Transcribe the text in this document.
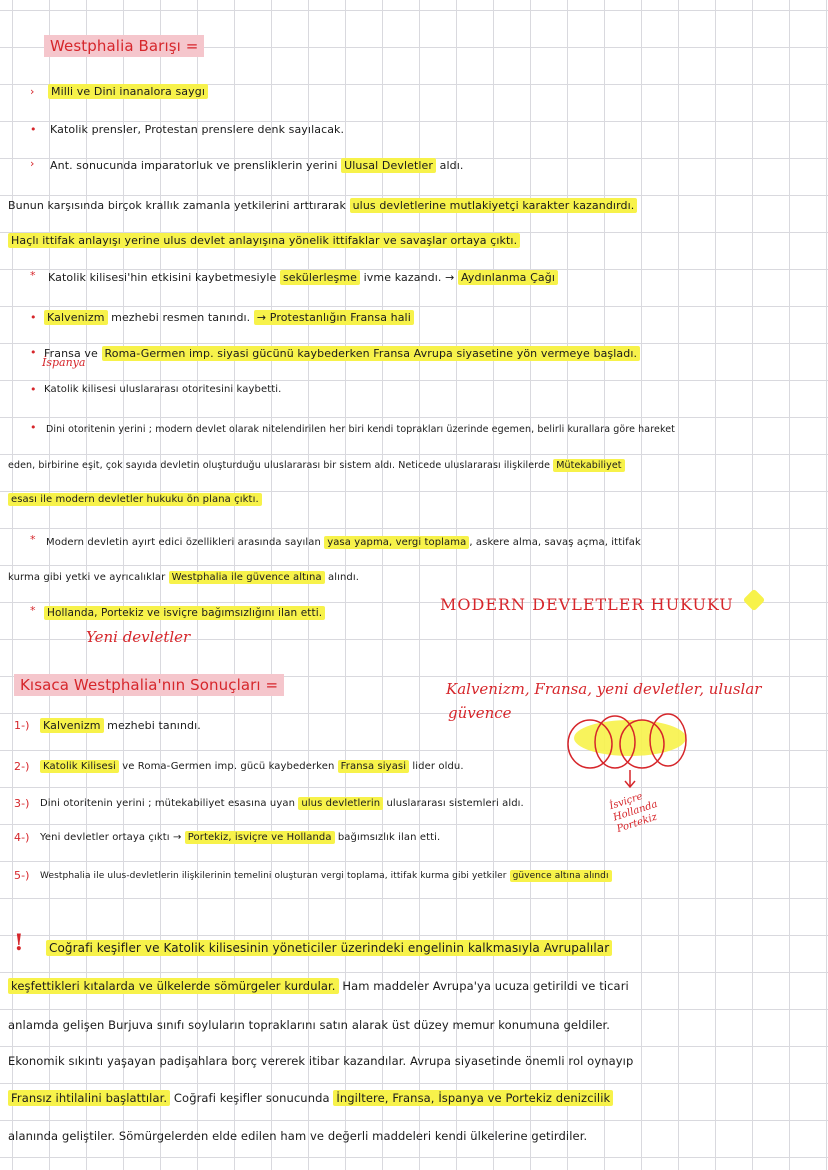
Westphalia Barışı =
› Milli ve Dini inanalora saygı
• Katolik prensler, Protestan prenslere denk sayılacak.
› Ant. sonucunda imparatorluk ve prensliklerin yerini Ulusal Devletler aldı.
Bunun karşısında birçok krallık zamanla yetkilerini arttırarak ulus devletlerine mutlakiyetçi karakter kazandırdı.
Haçlı ittifak anlayışı yerine ulus devlet anlayışına yönelik ittifaklar ve savaşlar ortaya çıktı.
* Katolik kilisesi'hin etkisini kaybetmesiyle sekülerleşme ivme kazandı. → Aydınlanma Çağı
• Kalvenizm mezhebi resmen tanındı. → Protestanlığın Fransa hali
• Fransa ve Roma-Germen imp. siyasi gücünü kaybederken Fransa Avrupa siyasetine yön vermeye başladı.
İspanya
• Katolik kilisesi uluslararası otoritesini kaybetti.
• Dini otoritenin yerini ; modern devlet olarak nitelendirilen her biri kendi toprakları üzerinde egemen, belirli kurallara göre hareket
eden, birbirine eşit, çok sayıda devletin oluşturduğu uluslararası bir sistem aldı. Neticede uluslararası ilişkilerde Mütekabiliyet
esası ile modern devletler hukuku ön plana çıktı.
* Modern devletin ayırt edici özellikleri arasında sayılan yasa yapma, vergi toplama , askere alma, savaş açma, ittifak
kurma gibi yetki ve ayrıcalıklar Westphalia ile güvence altına alındı.
* Hollanda, Portekiz ve isviçre bağımsızlığını ilan etti.
Yeni devletler
MODERN DEVLETLER HUKUKU
Kısaca Westphalia'nın Sonuçları =	Kalvenizm, Fransa, yeni devletler, uluslar
güvence
İsviçre Hollanda Portekiz
1-) Kalvenizm mezhebi tanındı.
2-)	Katolik Kilisesi ve Roma-Germen imp. gücü kaybederken Fransa siyasi lider oldu.
3-) Dini otoritenin yerini ; mütekabiliyet esasına uyan ulus devletlerin uluslararası sistemleri aldı.
4-) Yeni devletler ortaya çıktı → Portekiz, isviçre ve Hollanda bağımsızlık ilan etti.
5-) Westphalia ile ulus-devletlerin ilişkilerinin temelini oluşturan vergi toplama, ittifak kurma gibi yetkiler güvence altına alındı
! Coğrafi keşifler ve Katolik kilisesinin yöneticiler üzerindeki engelinin kalkmasıyla Avrupalılar
keşfettikleri kıtalarda ve ülkelerde sömürgeler kurdular. Ham maddeler Avrupa'ya ucuza getirildi ve ticari
anlamda gelişen Burjuva sınıfı soyluların topraklarını satın alarak üst düzey memur konumuna geldiler.
Ekonomik sıkıntı yaşayan padişahlara borç vererek itibar kazandılar. Avrupa siyasetinde önemli rol oynayıp
Fransız ihtilalini başlattılar. Coğrafi keşifler sonucunda İngiltere, Fransa, İspanya ve Portekiz denizcilik
alanında geliştiler. Sömürgelerden elde edilen ham ve değerli maddeleri kendi ülkelerine getirdiler.
